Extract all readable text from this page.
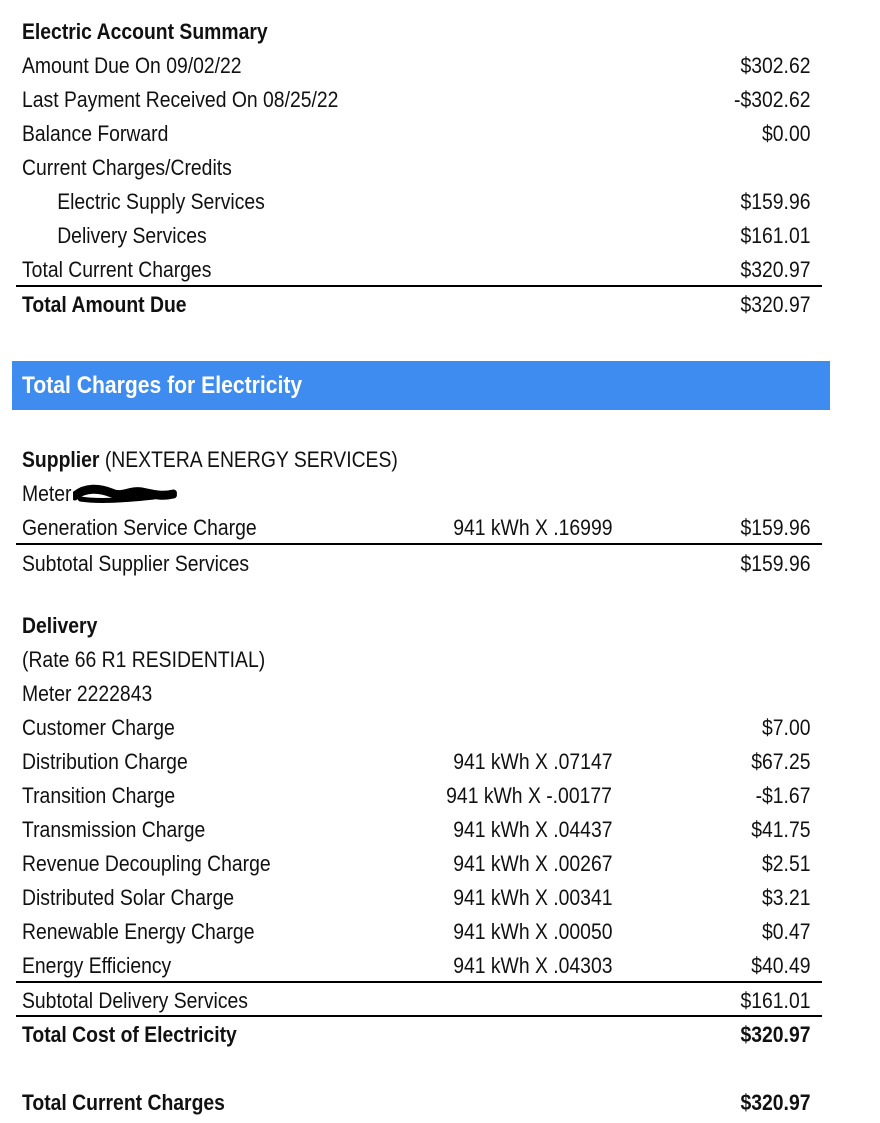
Electric Account Summary
Amount Due On 09/02/22	$302.62
Last Payment Received On 08/25/22	-$302.62
Balance Forward	$0.00
Current Charges/Credits
Electric Supply Services	$159.96
Delivery Services	$161.01
Total Current Charges	$320.97
Total Amount Due	$320.97
Total Charges for Electricity
Supplier (NEXTERA ENERGY SERVICES)
Meter
Generation Service Charge	941 kWh X .16999	$159.96
Subtotal Supplier Services	$159.96
Delivery
(Rate 66 R1 RESIDENTIAL)
Meter 2222843
Customer Charge	$7.00
Distribution Charge	941 kWh X .07147	$67.25
Transition Charge	941 kWh X -.00177	-$1.67
Transmission Charge	941 kWh X .04437	$41.75
Revenue Decoupling Charge	941 kWh X .00267	$2.51
Distributed Solar Charge	941 kWh X .00341	$3.21
Renewable Energy Charge	941 kWh X .00050	$0.47
Energy Efficiency	941 kWh X .04303	$40.49
Subtotal Delivery Services	$161.01
Total Cost of Electricity	$320.97
Total Current Charges	$320.97
